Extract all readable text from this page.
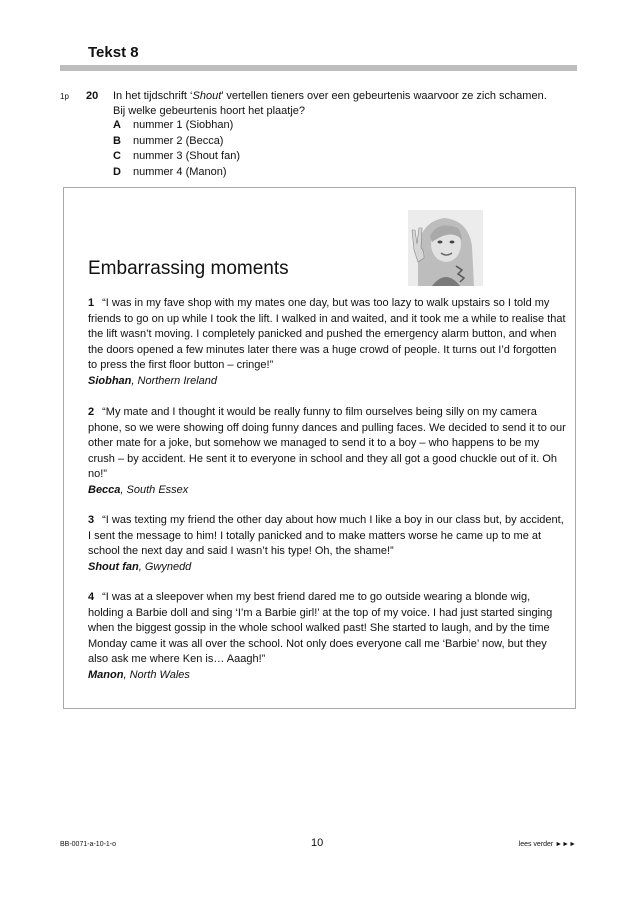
Tekst 8
1p 20 In het tijdschrift ‘Shout’ vertellen tieners over een gebeurtenis waarvoor ze zich schamen. Bij welke gebeurtenis hoort het plaatje?
A	nummer 1 (Siobhan)
B	nummer 2 (Becca)
C	nummer 3 (Shout fan)
D	nummer 4 (Manon)
Embarrassing moments
1 “I was in my fave shop with my mates one day, but was too lazy to walk upstairs so I told my friends to go on up while I took the lift. I walked in and waited, and it took me a while to realise that the lift wasn’t moving. I completely panicked and pushed the emergency alarm button, and when the doors opened a few minutes later there was a huge crowd of people. It turns out I’d forgotten to press the first floor button – cringe!”
Siobhan, Northern Ireland
2 “My mate and I thought it would be really funny to film ourselves being silly on my camera phone, so we were showing off doing funny dances and pulling faces. We decided to send it to our other mate for a joke, but somehow we managed to send it to a boy – who happens to be my crush – by accident. He sent it to everyone in school and they all got a good chuckle out of it. Oh no!”
Becca, South Essex
3 “I was texting my friend the other day about how much I like a boy in our class but, by accident, I sent the message to him! I totally panicked and to make matters worse he came up to me at school the next day and said I wasn’t his type! Oh, the shame!”
Shout fan, Gwynedd
4 “I was at a sleepover when my best friend dared me to go outside wearing a blonde wig, holding a Barbie doll and sing ‘I’m a Barbie girl!’ at the top of my voice. I had just started singing when the biggest gossip in the whole school walked past! She started to laugh, and by the time Monday came it was all over the school. Not only does everyone call me ‘Barbie’ now, but they also ask me where Ken is… Aaagh!”
Manon, North Wales
BB-0071-a-10-1-o	10	lees verder ►►►
